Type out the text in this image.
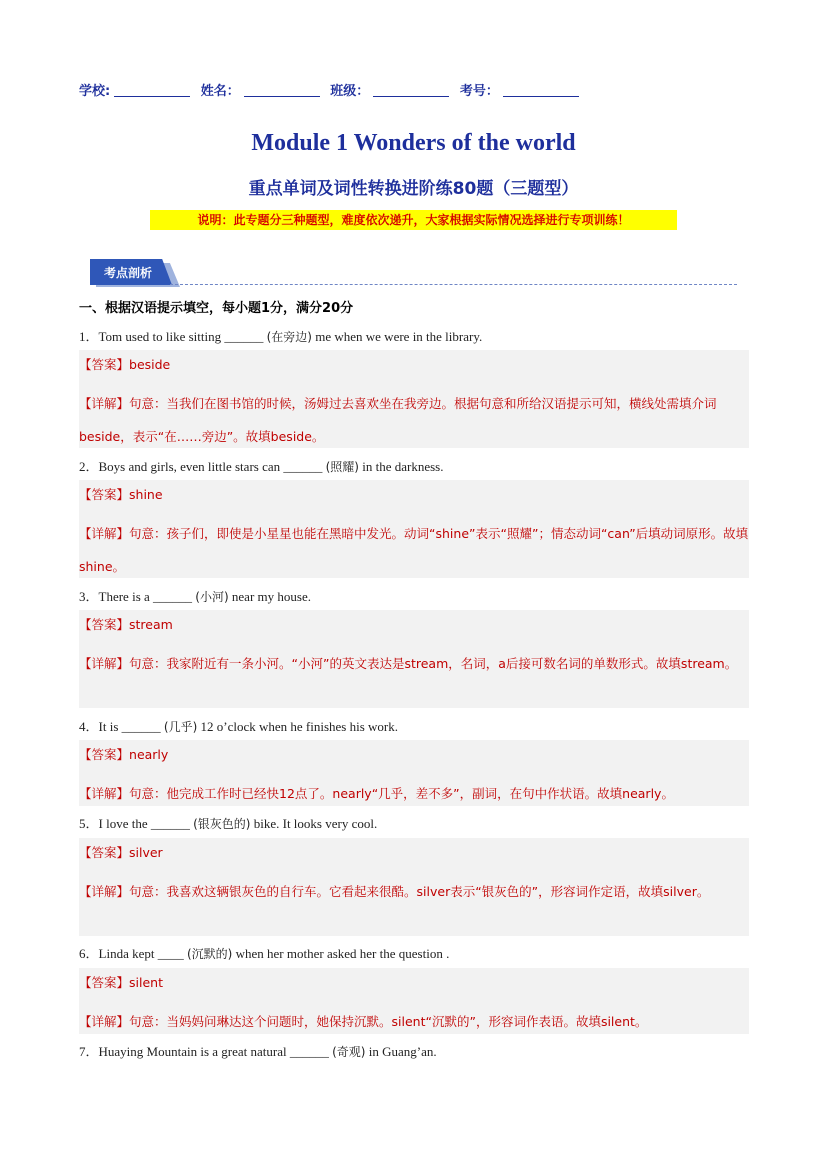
学校:	姓名：	班级：	考号：
Module 1 Wonders of the world
重点单词及词性转换进阶练80题（三题型）
说明：此专题分三种题型，难度依次递升，大家根据实际情况选择进行专项训练！
考点剖析
一、根据汉语提示填空，每小题1分，满分20分
1．Tom used to like sitting ______ (在旁边) me when we were in the library.
【答案】beside
【详解】句意：当我们在图书馆的时候，汤姆过去喜欢坐在我旁边。根据句意和所给汉语提示可知，横线处需填介词beside，表示“在……旁边”。故填beside。
2．Boys and girls, even little stars can ______ (照耀) in the darkness.
【答案】shine
【详解】句意：孩子们，即使是小星星也能在黑暗中发光。动词“shine”表示“照耀”；情态动词“can”后填动词原形。故填shine。
3．There is a ______ (小河) near my house.
【答案】stream
【详解】句意：我家附近有一条小河。“小河”的英文表达是stream，名词，a后接可数名词的单数形式。故填stream。
4．It is ______ (几乎) 12 o’clock when he finishes his work.
【答案】nearly
【详解】句意：他完成工作时已经快12点了。nearly“几乎，差不多”，副词，在句中作状语。故填nearly。
5．I love the ______ (银灰色的) bike. It looks very cool.
【答案】silver
【详解】句意：我喜欢这辆银灰色的自行车。它看起来很酷。silver表示“银灰色的”，形容词作定语，故填silver。
6．Linda kept ____ (沉默的) when her mother asked her the question .
【答案】silent
【详解】句意：当妈妈问琳达这个问题时，她保持沉默。silent“沉默的”，形容词作表语。故填silent。
7．Huaying Mountain is a great natural ______ (奇观) in Guang’an.
